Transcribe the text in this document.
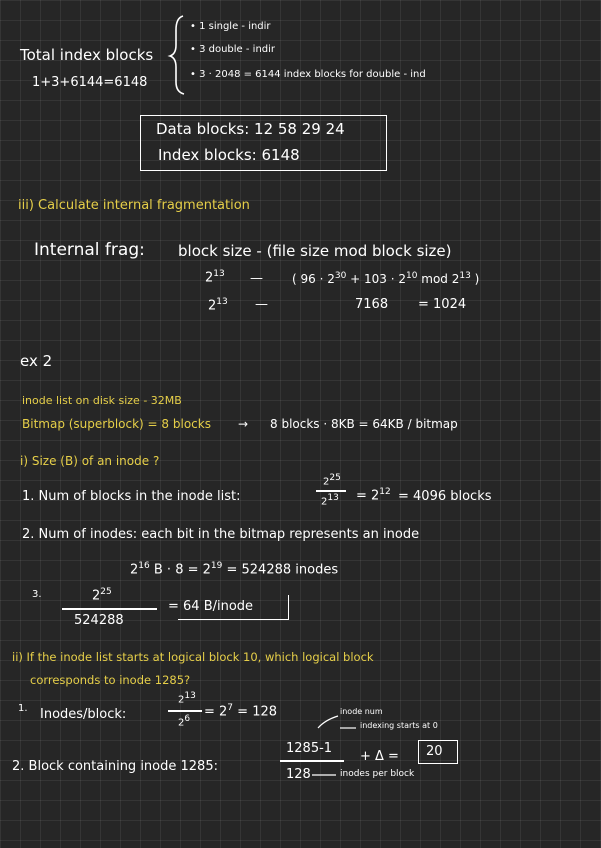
Total index blocks
1+3+6144=6148
• 1 single - indir
• 3 double - indir
• 3 · 2048 = 6144 index blocks for double - ind
Data blocks: 12 58 29 24
Index blocks: 6148
iii) Calculate internal fragmentation
Internal frag: block size - (file size mod block size)
$2^{13}$ — ( $96 \cdot 2^{30} + 103 \cdot 2^{10}$ mod $2^{13}$ )
$2^{13}$ —	7168 = 1024
ex 2
inode list on disk size - 32MB
Bitmap (superblock) = 8 blocks → 8 blocks · 8KB = 64KB / bitmap
i) Size (B) of an inode ?
1. Num of blocks in the inode list:
$2^{25}$
$2^{13} = 2^{12} = 4096$ blocks
2. Num of inodes: each bit in the bitmap represents an inode
$2^{16}$ $B \cdot 8 = 2^{19} = 524288$ inodes
3.	$2^{25}$
524288
= 64 B/inode
ii) If the inode list starts at logical block 10, which logical block
corresponds to inode 1285?
1. Inodes/block:
$2^{13}$
$2^6 = 2^7 = 128$	inode num
indexing starts at 0
2. Block containing inode 1285:
1285-1
128
+ Δ = 20
inodes per block
